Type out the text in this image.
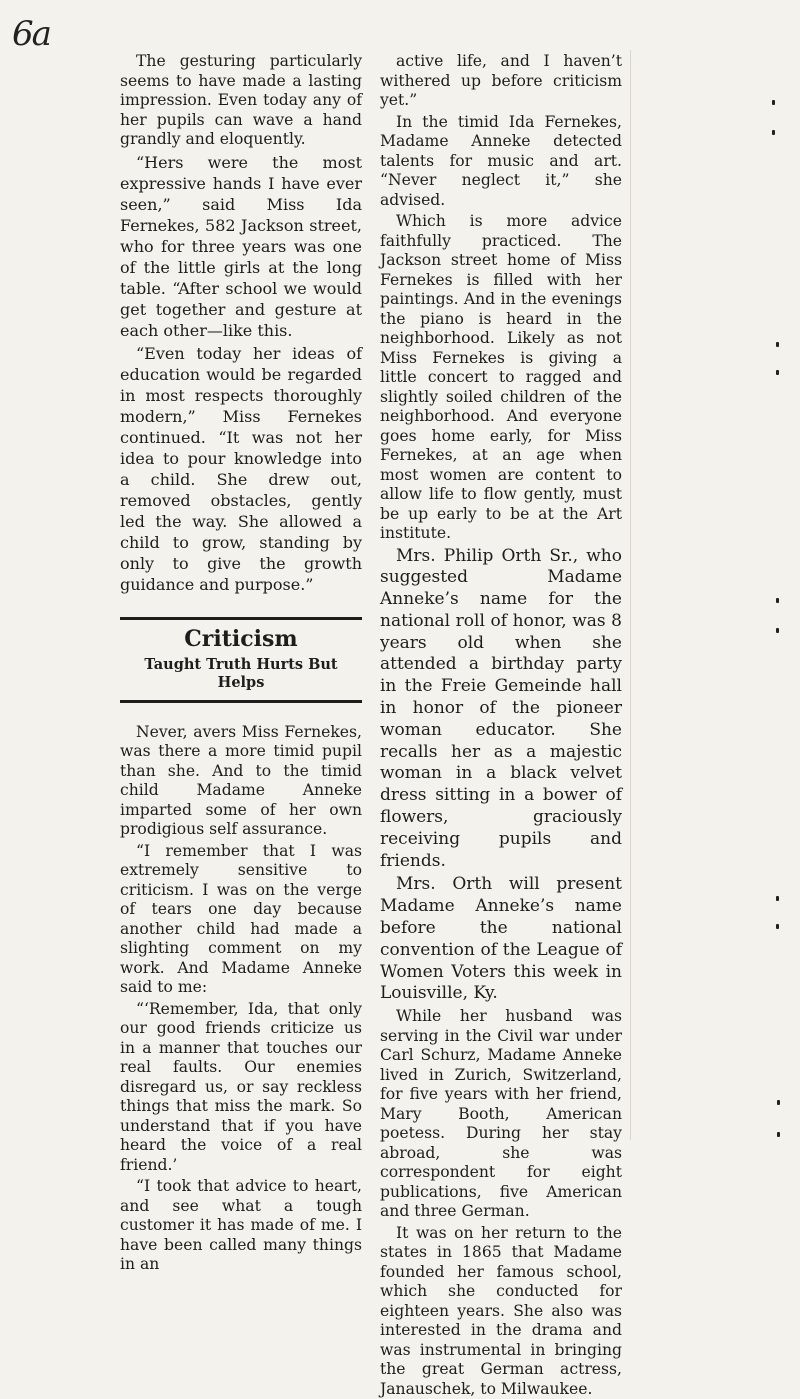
6a

The gesturing particularly seems to have made a lasting impression. Even today any of her pupils can wave a hand grandly and eloquently.

“Hers were the most expressive hands I have ever seen,” said Miss Ida Fernekes, 582 Jackson street, who for three years was one of the little girls at the long table. “After school we would get together and gesture at each other—like this.

“Even today her ideas of education would be regarded in most respects thoroughly modern,” Miss Fernekes continued. “It was not her idea to pour knowledge into a child. She drew out, removed obstacles, gently led the way. She allowed a child to grow, standing by only to give the growth guidance and purpose.”

Criticism
Taught Truth Hurts But Helps

Never, avers Miss Fernekes, was there a more timid pupil than she. And to the timid child Madame Anneke imparted some of her own prodigious self assurance.

“I remember that I was extremely sensitive to criticism. I was on the verge of tears one day because another child had made a slighting comment on my work. And Madame Anneke said to me:

“‘Remember, Ida, that only our good friends criticize us in a manner that touches our real faults. Our enemies disregard us, or say reckless things that miss the mark. So understand that if you have heard the voice of a real friend.’

“I took that advice to heart, and see what a tough customer it has made of me. I have been called many things in an

active life, and I haven’t withered up before criticism yet.”

In the timid Ida Fernekes, Madame Anneke detected talents for music and art. “Never neglect it,” she advised.

Which is more advice faithfully practiced. The Jackson street home of Miss Fernekes is filled with her paintings. And in the evenings the piano is heard in the neighborhood. Likely as not Miss Fernekes is giving a little concert to ragged and slightly soiled children of the neighborhood. And everyone goes home early, for Miss Fernekes, at an age when most women are content to allow life to flow gently, must be up early to be at the Art institute.

Mrs. Philip Orth Sr., who suggested Madame Anneke’s name for the national roll of honor, was 8 years old when she attended a birthday party in the Freie Gemeinde hall in honor of the pioneer woman educator. She recalls her as a majestic woman in a black velvet dress sitting in a bower of flowers, graciously receiving pupils and friends.

Mrs. Orth will present Madame Anneke’s name before the national convention of the League of Women Voters this week in Louisville, Ky.

While her husband was serving in the Civil war under Carl Schurz, Madame Anneke lived in Zurich, Switzerland, for five years with her friend, Mary Booth, American poetess. During her stay abroad, she was correspondent for eight publications, five American and three German.

It was on her return to the states in 1865 that Madame founded her famous school, which she conducted for eighteen years. She also was interested in the drama and was instrumental in bringing the great German actress, Janauschek, to Milwaukee.
